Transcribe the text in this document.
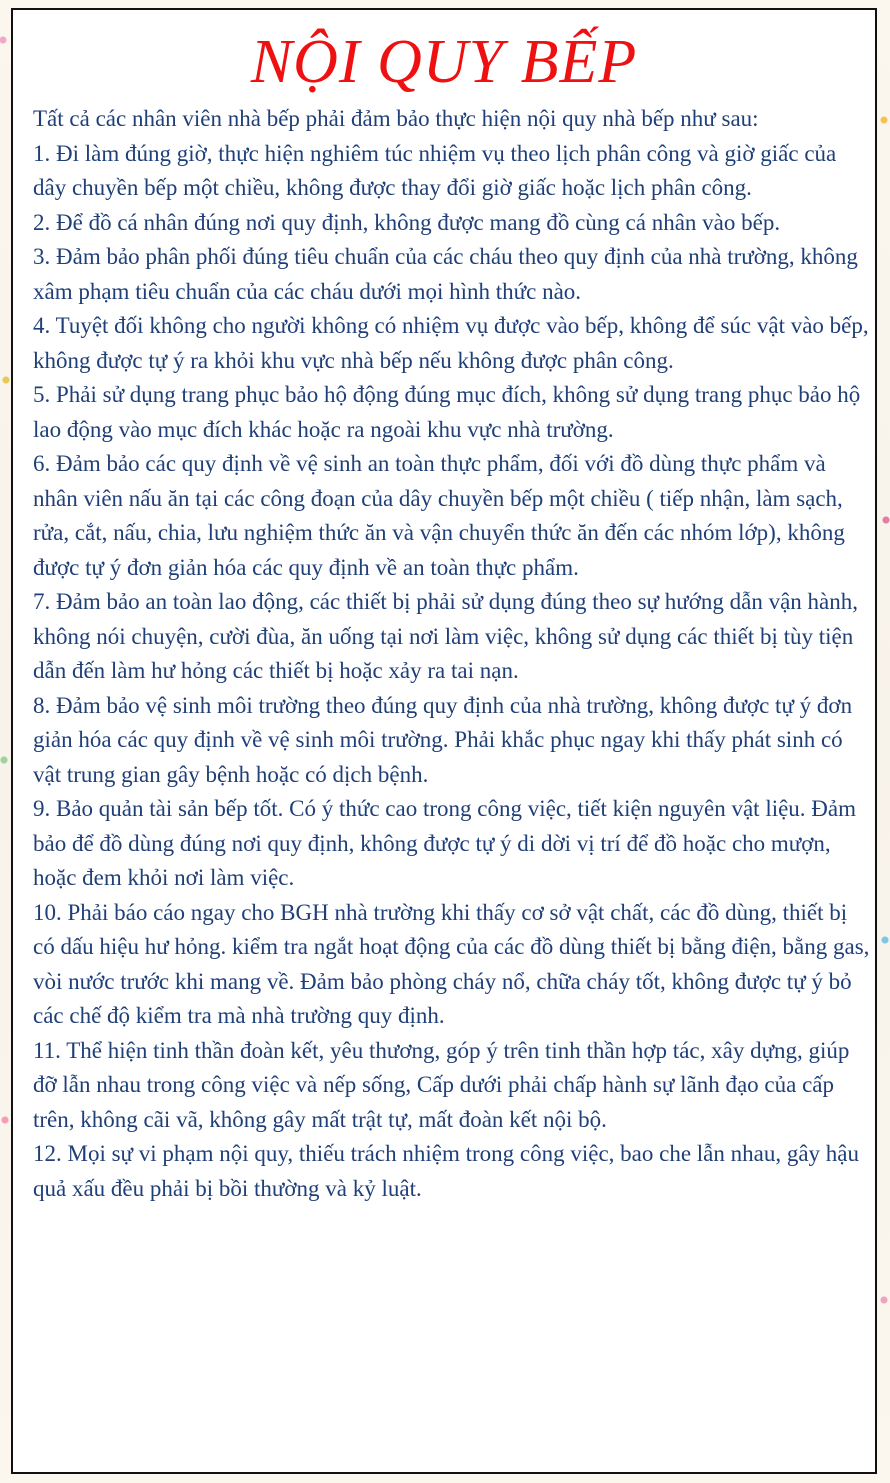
NỘI QUY BẾP

Tất cả các nhân viên nhà bếp phải đảm bảo thực hiện nội quy nhà bếp như sau:

1. Đi làm đúng giờ, thực hiện nghiêm túc nhiệm vụ theo lịch phân công và giờ giấc của dây chuyền bếp một chiều, không được thay đổi giờ giấc hoặc lịch phân công.

2. Để đồ cá nhân đúng nơi quy định, không được mang đồ cùng cá nhân vào bếp.

3. Đảm bảo phân phối đúng tiêu chuẩn của các cháu theo quy định của nhà trường, không xâm phạm tiêu chuẩn của các cháu dưới mọi hình thức nào.

4. Tuyệt đối không cho người không có nhiệm vụ được vào bếp, không để súc vật vào bếp, không được tự ý ra khỏi khu vực nhà bếp nếu không được phân công.

5. Phải sử dụng trang phục bảo hộ động đúng mục đích, không sử dụng trang phục bảo hộ lao động vào mục đích khác hoặc ra ngoài khu vực nhà trường.

6. Đảm bảo các quy định về vệ sinh an toàn thực phẩm, đối với đồ dùng thực phẩm và nhân viên nấu ăn tại các công đoạn của dây chuyền bếp một chiều ( tiếp nhận, làm sạch, rửa, cắt, nấu, chia, lưu nghiệm thức ăn và vận chuyển thức ăn đến các nhóm lớp), không được tự ý đơn giản hóa các quy định về an toàn thực phẩm.

7. Đảm bảo an toàn lao động, các thiết bị phải sử dụng đúng theo sự hướng dẫn vận hành, không nói chuyện, cười đùa, ăn uống tại nơi làm việc, không sử dụng các thiết bị tùy tiện dẫn đến làm hư hỏng các thiết bị hoặc xảy ra tai nạn.

8. Đảm bảo vệ sinh môi trường theo đúng quy định của nhà trường, không được tự ý đơn giản hóa các quy định về vệ sinh môi trường. Phải khắc phục ngay khi thấy phát sinh có vật trung gian gây bệnh hoặc có dịch bệnh.

9. Bảo quản tài sản bếp tốt. Có ý thức cao trong công việc, tiết kiện nguyên vật liệu. Đảm bảo để đồ dùng đúng nơi quy định, không được tự ý di dời vị trí để đồ hoặc cho mượn, hoặc đem khỏi nơi làm việc.

10. Phải báo cáo ngay cho BGH nhà trường khi thấy cơ sở vật chất, các đồ dùng, thiết bị có dấu hiệu hư hỏng. kiểm tra ngắt hoạt động của các đồ dùng thiết bị bằng điện, bằng gas, vòi nước trước khi mang về. Đảm bảo phòng cháy nổ, chữa cháy tốt, không được tự ý bỏ các chế độ kiểm tra mà nhà trường quy định.

11. Thể hiện tinh thần đoàn kết, yêu thương, góp ý trên tinh thần hợp tác, xây dựng, giúp đỡ lẫn nhau trong công việc và nếp sống, Cấp dưới phải chấp hành sự lãnh đạo của cấp trên, không cãi vã, không gây mất trật tự, mất đoàn kết nội bộ.

12. Mọi sự vi phạm nội quy, thiếu trách nhiệm trong công việc, bao che lẫn nhau, gây hậu quả xấu đều phải bị bồi thường và kỷ luật.
